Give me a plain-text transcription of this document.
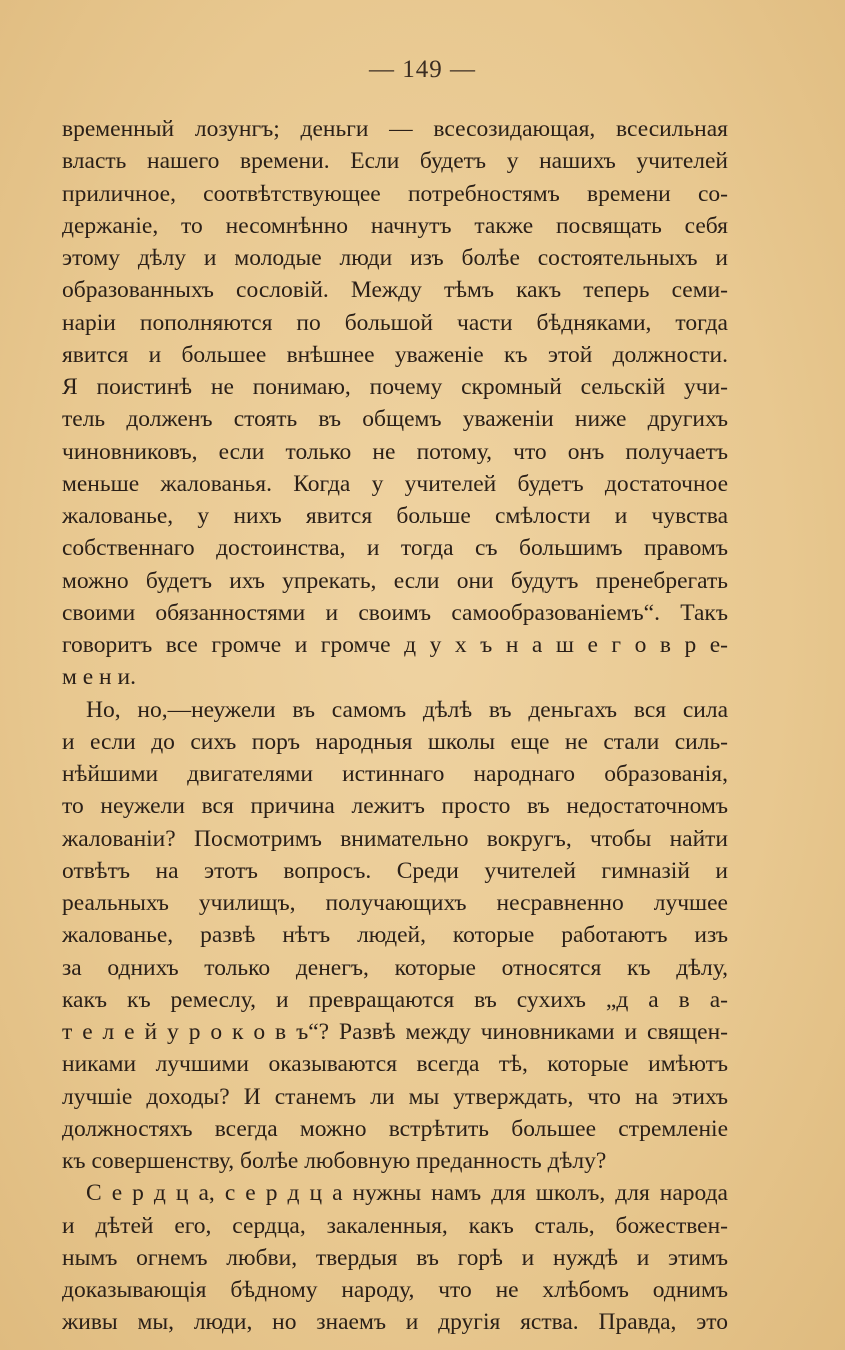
— 149 —
временный лозунгъ; деньги — всесозидающая, всесильная
власть нашего времени. Если будетъ у нашихъ учителей
приличное, соотвѣтствующее потребностямъ времени со-
держаніе, то несомнѣнно начнутъ также посвящать себя
этому дѣлу и молодые люди изъ болѣе состоятельныхъ и
образованныхъ сословій. Между тѣмъ какъ теперь семи-
наріи пополняются по большой части бѣдняками, тогда
явится и большее внѣшнее уваженіе къ этой должности.
Я поистинѣ не понимаю, почему скромный сельскій учи-
тель долженъ стоять въ общемъ уваженіи ниже другихъ
чиновниковъ, если только не потому, что онъ получаетъ
меньше жалованья. Когда у учителей будетъ достаточное
жалованье, у нихъ явится больше смѣлости и чувства
собственнаго достоинства, и тогда съ большимъ правомъ
можно будетъ ихъ упрекать, если они будутъ пренебрегать
своими обязанностями и своимъ самообразованіемъ“. Такъ
говоритъ все громче и громче д у х ъ н а ш е г о в р е-
м е н и.
Но, но,—неужели въ самомъ дѣлѣ въ деньгахъ вся сила
и если до сихъ поръ народныя школы еще не стали силь-
нѣйшими двигателями истиннаго народнаго образованія,
то неужели вся причина лежитъ просто въ недостаточномъ
жалованіи? Посмотримъ внимательно вокругъ, чтобы найти
отвѣтъ на этотъ вопросъ. Среди учителей гимназій и
реальныхъ училищъ, получающихъ несравненно лучшее
жалованье, развѣ нѣтъ людей, которые работаютъ изъ
за однихъ только денегъ, которые относятся къ дѣлу,
какъ къ ремеслу, и превращаются въ сухихъ „д а в а-
т е л е й у р о к о в ъ“? Развѣ между чиновниками и священ-
никами лучшими оказываются всегда тѣ, которые имѣютъ
лучшіе доходы? И станемъ ли мы утверждать, что на этихъ
должностяхъ всегда можно встрѣтить большее стремленіе
къ совершенству, болѣе любовную преданность дѣлу?
С е р д ц а, с е р д ц а нужны намъ для школъ, для народа
и дѣтей его, сердца, закаленныя, какъ сталь, божествен-
нымъ огнемъ любви, твердыя въ горѣ и нуждѣ и этимъ
доказывающія бѣдному народу, что не хлѣбомъ однимъ
живы мы, люди, но знаемъ и другія яства. Правда, это
